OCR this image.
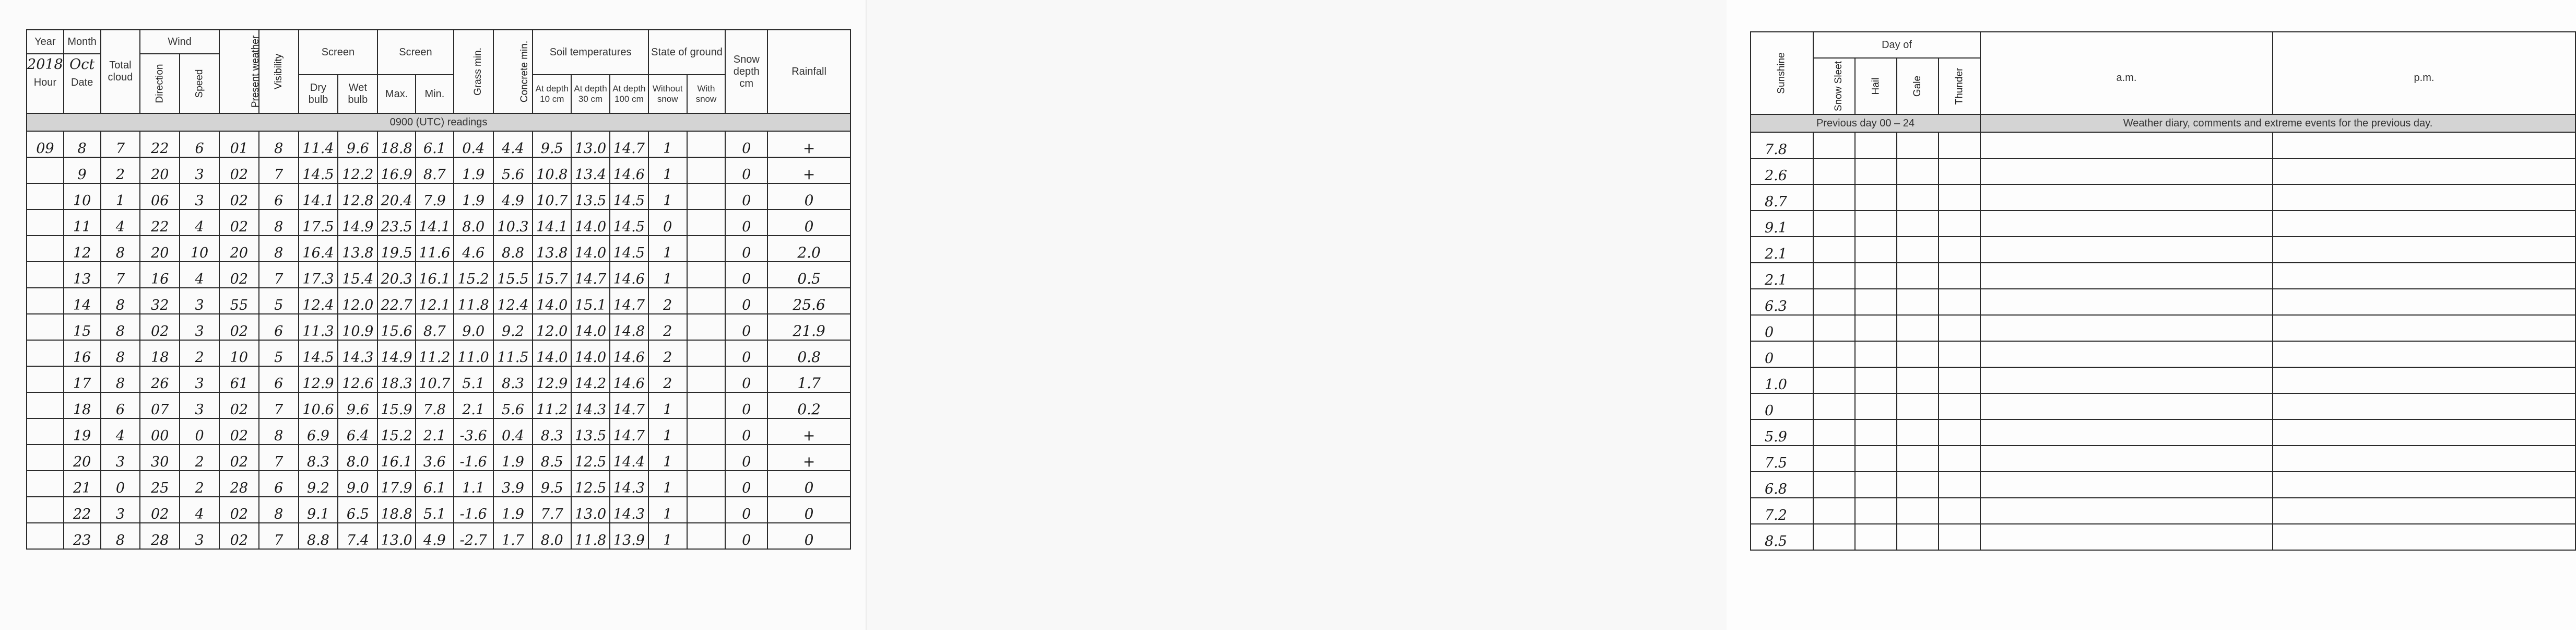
Year	Month	Total cloud	Wind		Present weather	Visibility	Screen		Screen		Grass min.	Concrete min.	Soil temperatures			State of ground		Snow depth cm	Rainfall
2018	Oct		Direction	Speed															
Hour	Date						Dry bulb	Wet bulb	Max.	Min.			At depth 10 cm	At depth 30 cm	At depth 100 cm	Without snow	With snow		
0900 (UTC) readings																			
09	8	7	22	6	01	8	11.4	9.6	18.8	6.1	0.4	4.4	9.5	13.0	14.7	1		0	+
	9	2	20	3	02	7	14.5	12.2	16.9	8.7	1.9	5.6	10.8	13.4	14.6	1		0	+
	10	1	06	3	02	6	14.1	12.8	20.4	7.9	1.9	4.9	10.7	13.5	14.5	1		0	0
	11	4	22	4	02	8	17.5	14.9	23.5	14.1	8.0	10.3	14.1	14.0	14.5	0		0	0
	12	8	20	10	20	8	16.4	13.8	19.5	11.6	4.6	8.8	13.8	14.0	14.5	1		0	2.0
	13	7	16	4	02	7	17.3	15.4	20.3	16.1	15.2	15.5	15.7	14.7	14.6	1		0	0.5
	14	8	32	3	55	5	12.4	12.0	22.7	12.1	11.8	12.4	14.0	15.1	14.7	2		0	25.6
	15	8	02	3	02	6	11.3	10.9	15.6	8.7	9.0	9.2	12.0	14.0	14.8	2		0	21.9
	16	8	18	2	10	5	14.5	14.3	14.9	11.2	11.0	11.5	14.0	14.0	14.6	2		0	0.8
	17	8	26	3	61	6	12.9	12.6	18.3	10.7	5.1	8.3	12.9	14.2	14.6	2		0	1.7
	18	6	07	3	02	7	10.6	9.6	15.9	7.8	2.1	5.6	11.2	14.3	14.7	1		0	0.2
	19	4	00	0	02	8	6.9	6.4	15.2	2.1	-3.6	0.4	8.3	13.5	14.7	1		0	+
	20	3	30	2	02	7	8.3	8.0	16.1	3.6	-1.6	1.9	8.5	12.5	14.4	1		0	+
	21	0	25	2	28	6	9.2	9.0	17.9	6.1	1.1	3.9	9.5	12.5	14.3	1		0	0
	22	3	02	4	02	8	9.1	6.5	18.8	5.1	-1.6	1.9	7.7	13.0	14.3	1		0	0
	23	8	28	3	02	7	8.8	7.4	13.0	4.9	-2.7	1.7	8.0	11.8	13.9	1		0	0
Sunshine	Day of				a.m.	p.m.
	Snow Sleet	Hail	Gale	Thunder		
Previous day 00 – 24					Weather diary, comments and extreme events for the previous day.	
7.8						
2.6						
8.7						
9.1						
2.1						
2.1						
6.3						
0						
0						
1.0						
0						
5.9						
7.5						
6.8						
7.2						
8.5						
